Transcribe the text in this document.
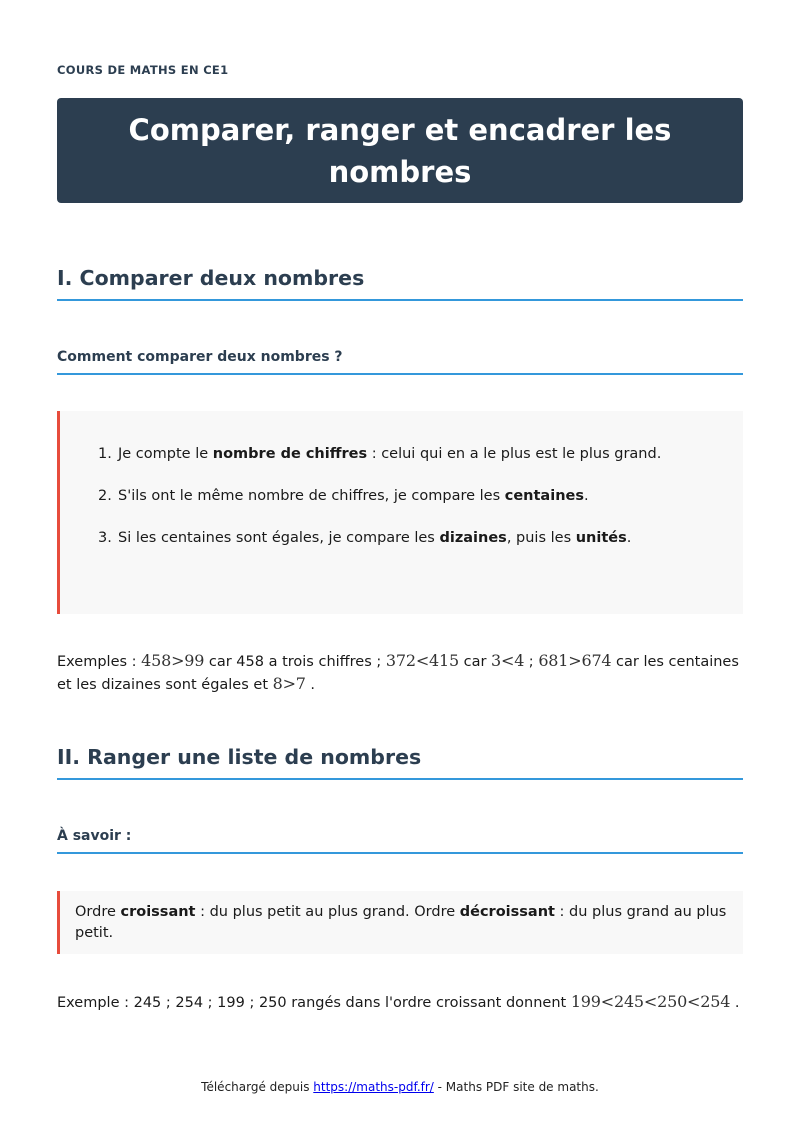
COURS DE MATHS EN CE1
Comparer, ranger et encadrer les nombres
I. Comparer deux nombres
Comment comparer deux nombres ?
1. Je compte le nombre de chiffres : celui qui en a le plus est le plus grand.
2. S'ils ont le même nombre de chiffres, je compare les centaines.
3. Si les centaines sont égales, je compare les dizaines, puis les unités.

Exemples : 458>99 car 458 a trois chiffres ; 372<415 car 3<4 ; 681>674 car les centaines et les dizaines sont égales et 8>7 .

II. Ranger une liste de nombres
À savoir :

Ordre croissant : du plus petit au plus grand. Ordre décroissant : du plus grand au plus petit.

Exemple : 245 ; 254 ; 199 ; 250 rangés dans l'ordre croissant donnent 199<245<250<254 .

Téléchargé depuis https://maths-pdf.fr/ - Maths PDF site de maths.
